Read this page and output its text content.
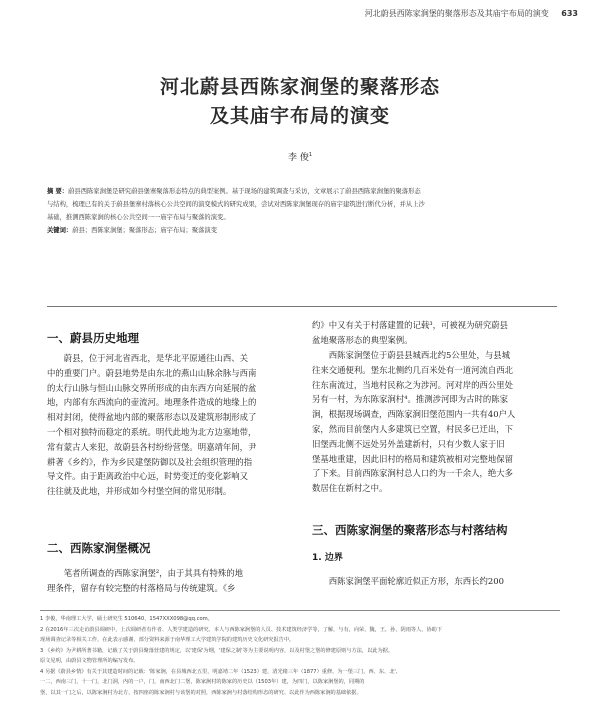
河北蔚县西陈家涧堡的聚落形态及其庙宇布局的演变 633
河北蔚县西陈家涧堡的聚落形态
及其庙宇布局的演变
李 俊$^1$
摘 要：蔚县西陈家涧堡是研究蔚县堡寨聚落形态特点的典型案例。基于现场的建筑调查与采访，文章展示了蔚县西陈家涧堡的聚落形态
与结构，梳理已有的关于蔚县堡寨村落核心公共空间的演变模式的研究成果，尝试对西陈家涧堡现存的庙宇建筑进行断代分析，并从上沙
基础，推测西陈家涧的核心公共空间一一庙宇布局与聚落的演变。
关键词：蔚县；西陈家涧堡；聚落形态；庙宇布局；聚落演变
一、蔚县历史地理
蔚县，位于河北省西北，是华北平原通往山西、关
中的重要门户。蔚县地势是由东北的燕山山脉余脉与西南
的太行山脉与恒山山脉交界所形成的由东西方向延展的盆
地，内部有东西流向的壶流河。地理条件造成的地缘上的
相对封闭，使得盆地内部的聚落形态以及建筑形制形成了
一个相对独特而稳定的系统。明代此地为北方边塞地带，
常有蒙古人来犯，故蔚县各村纷纷营堡。明嘉靖年间，尹
耕著《乡约》，作为乡民建堡防御以及社会组织管理的指
导文件。由于距离政治中心远，时势变迁的变化影响又
往往就及此地，并形成如今村堡空间的常见形制。
二、西陈家涧堡概况
笔者所调查的西陈家涧堡²，由于其具有特殊的地
理条件，留存有较完整的村落格局与传统建筑。《乡
约》中又有关于村落建置的记载³，可被视为研究蔚县
盆地聚落形态的典型案例。
西陈家涧堡位于蔚县县城西北约5公里处，与县城
往来交通便利。堡东北侧约几百米处有一道河流自西北
往东南流过，当地村民称之为涉河。河对岸的西公里处
另有一村，为东陈家涧村⁴。推测涉河即为古时的陈家
涧，根据现场调查，西陈家涧旧堡范围内一共有40户人
家，然而目前堡内人多建筑已空置，村民多已迁出，下
旧堡西北侧不远处另外盖建新村，只有少数人家于旧
堡基地重建，因此旧村的格局和建筑被相对完整地保留
了下来。目前西陈家涧村总人口约为一千余人，绝大多
数居住在新村之中。
三、西陈家涧堡的聚落形态与村落结构
1. 边界
西陈家涧堡平面轮廓近似正方形，东西长约200
1 李俊，华南理工大学，硕士研究生 510640，1547XXX098@qq.com。
2 在2016年三次走访蔚县调研中，上次调研者有作者、人类学建造的研究、本人与西陈家涧堡的人员、技术建筑经济学等，了解，与有，向荣，魏，王，孙，阴雨等人，协助下
现场调查记录等相关工作，在此表示感谢，部分资料来源于南华理工大学建筑学院的建筑历史文化研究报告中。
3 《乡约》为尹耕所著书籍，记载了关于蔚县聚落营建的规定，以'建保'为纲，'建保之制'等为主要说明内容，以及村堡之堡的修建原则与方法，以此为据。
原文见明，由蔚县文物管理所的编写发布。
4 另据《蔚县乡情》有关于其建造时间的记载：'陈家涧，在县城西北五里，明嘉靖二年（1523）建，清光绪三年（1877）重修，为一堡三门，西、东、北',
一二，西南三门，十一门，北门洞，内的一户，门，南西北门二堡，陈家涧村的陈家的历史以（1503年）建，为四门，以陈家涧堡的，同期的
堡，以其一门之后，以陈家涧村为北方，按四座的陈家涧村与该堡的对照，西陈家涧与村落结构形态的研究、以此作为西陈家涧的基础依据。
